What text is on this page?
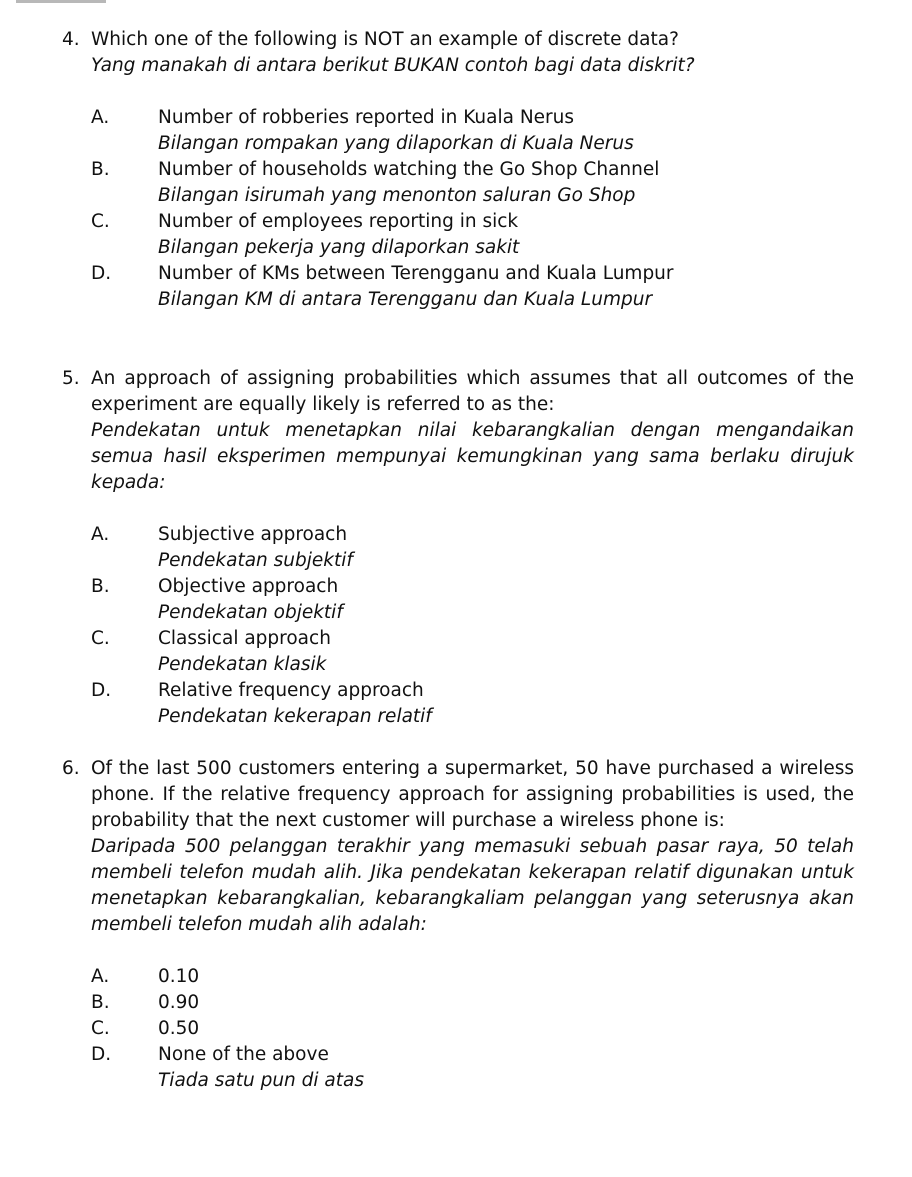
4. Which one of the following is NOT an example of discrete data?
Yang manakah di antara berikut BUKAN contoh bagi data diskrit?
A.	Number of robberies reported in Kuala Nerus
Bilangan rompakan yang dilaporkan di Kuala Nerus
B.	Number of households watching the Go Shop Channel
Bilangan isirumah yang menonton saluran Go Shop
C.	Number of employees reporting in sick
Bilangan pekerja yang dilaporkan sakit
D.	Number of KMs between Terengganu and Kuala Lumpur
Bilangan KM di antara Terengganu dan Kuala Lumpur
5. An approach of assigning probabilities which assumes that all outcomes of the experiment are equally likely is referred to as the:
Pendekatan untuk menetapkan nilai kebarangkalian dengan mengandaikan semua hasil eksperimen mempunyai kemungkinan yang sama berlaku dirujuk kepada:
A.	Subjective approach
Pendekatan subjektif
B.	Objective approach
Pendekatan objektif
C.	Classical approach
Pendekatan klasik
D.	Relative frequency approach
Pendekatan kekerapan relatif
6. Of the last 500 customers entering a supermarket, 50 have purchased a wireless phone. If the relative frequency approach for assigning probabilities is used, the probability that the next customer will purchase a wireless phone is:
Daripada 500 pelanggan terakhir yang memasuki sebuah pasar raya, 50 telah membeli telefon mudah alih. Jika pendekatan kekerapan relatif digunakan untuk menetapkan kebarangkalian, kebarangkaliam pelanggan yang seterusnya akan membeli telefon mudah alih adalah:
A.	0.10
B.	0.90
C.	0.50
D.	None of the above
Tiada satu pun di atas
